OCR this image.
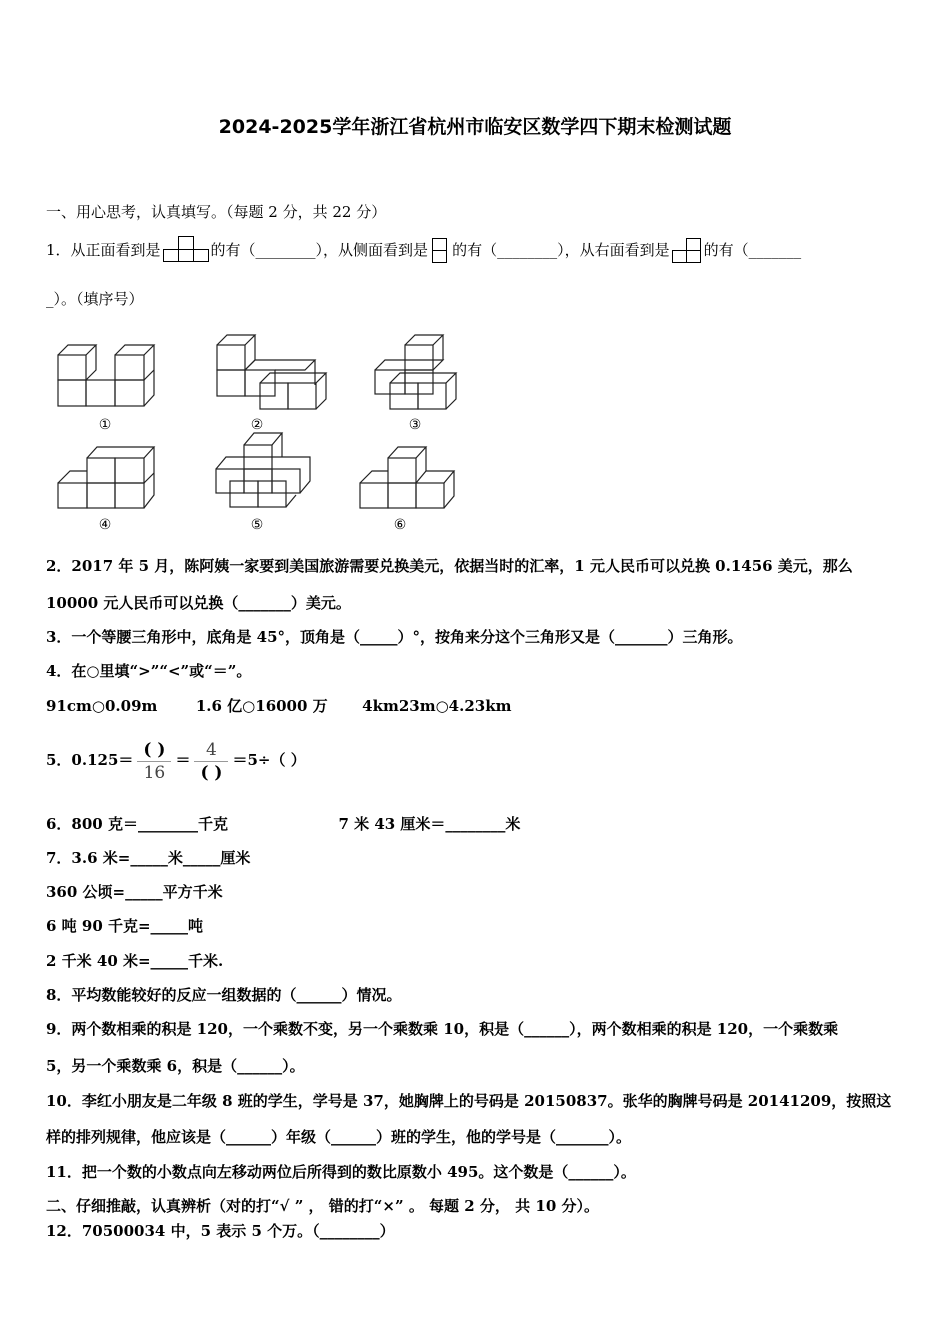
2024-2025学年浙江省杭州市临安区数学四下期末检测试题
一、用心思考，认真填写。（每题 2 分，共 22 分）
1．从正面看到是	的有（________），从侧面看到是 的有（________），从右面看到是 的有（_______
_）。（填序号）
①	②	③
④	⑤	⑥
2．2017 年 5 月，陈阿姨一家要到美国旅游需要兑换美元，依据当时的汇率，1 元人民币可以兑换 0.1456 美元，那么
10000 元人民币可以兑换（_______）美元。
3．一个等腰三角形中，底角是 45°，顶角是（_____）°，按角来分这个三角形又是（_______）三角形。
4．在○里填“>”“<”或“＝”。
91cm○0.09m	1.6 亿○16000 万 4km23m○4.23km
5．$0.125= \frac{( )}{16} = \frac{4}{( )} =5\div$（ ）
6．800 克＝________千克	7 米 43 厘米＝________米
7．3.6 米=_____米_____厘米
360 公顷=_____平方千米
6 吨 90 千克=_____吨
2 千米 40 米=_____千米.
8．平均数能较好的反应一组数据的（______）情况。
9．两个数相乘的积是 120，一个乘数不变，另一个乘数乘 10，积是（______），两个数相乘的积是 120，一个乘数乘
5，另一个乘数乘 6，积是（______）。
10．李红小朋友是二年级 8 班的学生，学号是 37，她胸牌上的号码是 20150837。张华的胸牌号码是 20141209，按照这
样的排列规律，他应该是（______）年级（______）班的学生，他的学号是（_______）。
11．把一个数的小数点向左移动两位后所得到的数比原数小 495。这个数是（______）。
二、仔细推敲，认真辨析（对的打“√ ” ， 错的打“×” 。 每题 2 分， 共 10 分）。
12．70500034 中，5 表示 5 个万。（________）
